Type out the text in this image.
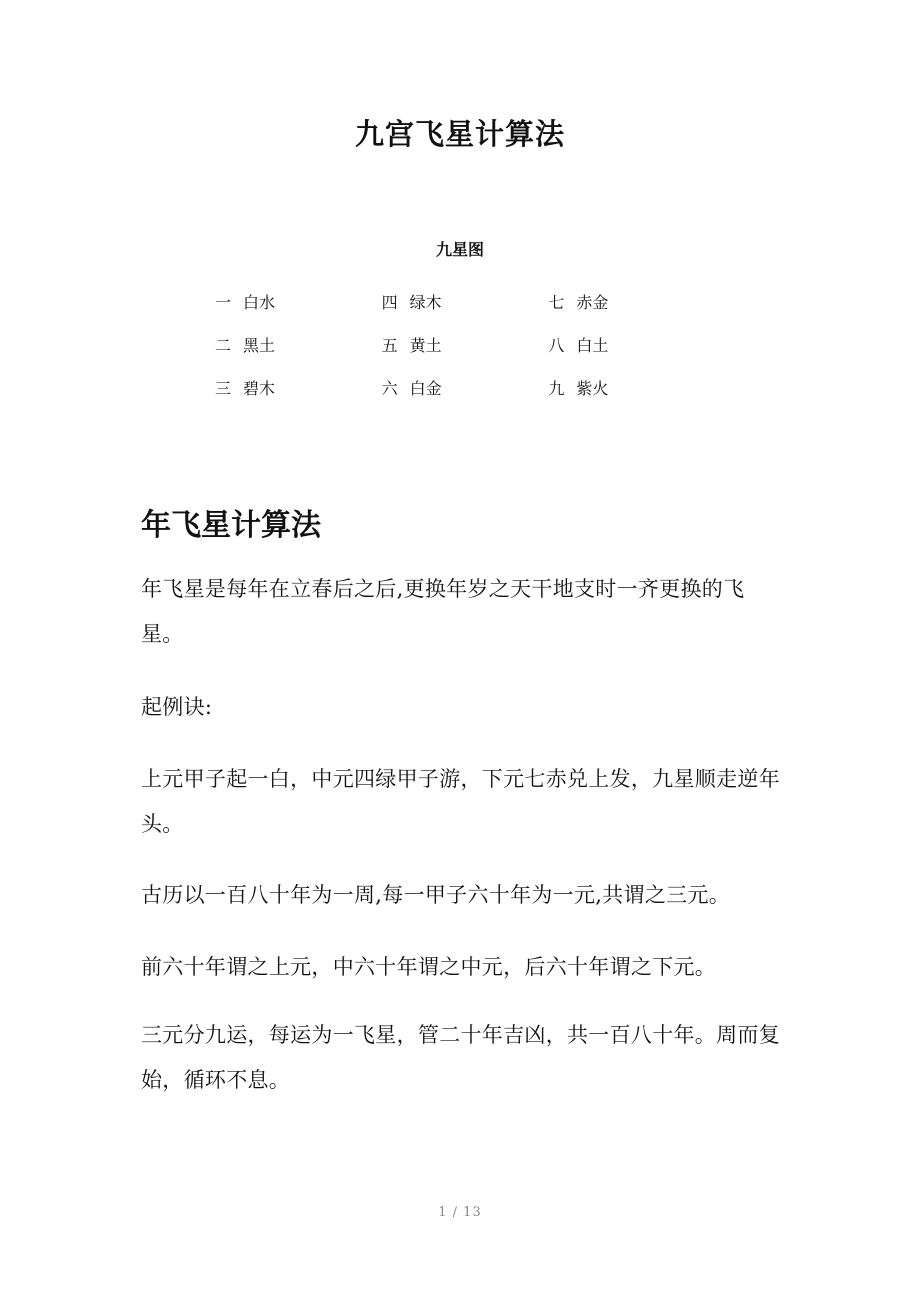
九宫飞星计算法
九星图
一 白水	四 绿木	七 赤金
二 黑土	五 黄土	八 白土
三 碧木	六 白金	九 紫火
年飞星计算法

年飞星是每年在立春后之后,更换年岁之天干地支时一齐更换的飞星。

起例诀:

上元甲子起一白，中元四绿甲子游，下元七赤兑上发，九星顺走逆年头。

古历以一百八十年为一周,每一甲子六十年为一元,共谓之三元。

前六十年谓之上元，中六十年谓之中元，后六十年谓之下元。

三元分九运，每运为一飞星，管二十年吉凶，共一百八十年。周而复始，循环不息。

1 / 13
